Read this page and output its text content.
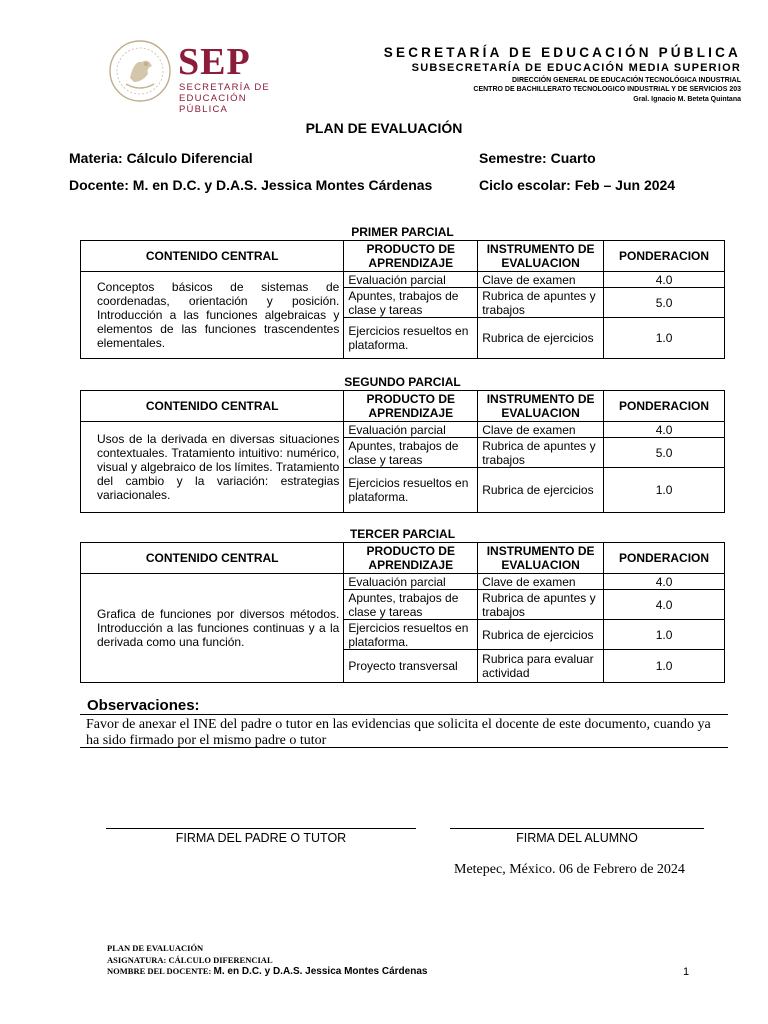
SEP
SECRETARÍA DE
EDUCACIÓN PÚBLICA
SECRETARÍA DE EDUCACIÓN PÚBLICA
SUBSECRETARÍA DE EDUCACIÓN MEDIA SUPERIOR
DIRECCIÓN GENERAL DE EDUCACIÓN TECNOLÓGICA INDUSTRIAL
CENTRO DE BACHILLERATO TECNOLOGICO INDUSTRIAL Y DE SERVICIOS 203
Gral. Ignacio M. Beteta Quintana
PLAN DE EVALUACIÓN
Materia: Cálculo Diferencial	Semestre: Cuarto
Docente: M. en D.C. y D.A.S. Jessica Montes Cárdenas	Ciclo escolar: Feb – Jun 2024
PRIMER PARCIAL
CONTENIDO CENTRAL	PRODUCTO DE APRENDIZAJE	INSTRUMENTO DE EVALUACION	PONDERACION
Conceptos básicos de sistemas de coordenadas, orientación y posición. Introducción a las funciones algebraicas y elementos de las funciones trascendentes elementales.	Evaluación parcial	Clave de examen	4.0
	Apuntes, trabajos de clase y tareas	Rubrica de apuntes y trabajos	5.0
	Ejercicios resueltos en plataforma.	Rubrica de ejercicios	1.0
SEGUNDO PARCIAL
CONTENIDO CENTRAL	PRODUCTO DE APRENDIZAJE	INSTRUMENTO DE EVALUACION	PONDERACION
Usos de la derivada en diversas situaciones contextuales. Tratamiento intuitivo: numérico, visual y algebraico de los límites. Tratamiento del cambio y la variación: estrategias variacionales.	Evaluación parcial	Clave de examen	4.0
	Apuntes, trabajos de clase y tareas	Rubrica de apuntes y trabajos	5.0
	Ejercicios resueltos en plataforma.	Rubrica de ejercicios	1.0
TERCER PARCIAL
CONTENIDO CENTRAL	PRODUCTO DE APRENDIZAJE	INSTRUMENTO DE EVALUACION	PONDERACION
Grafica de funciones por diversos métodos. Introducción a las funciones continuas y a la derivada como una función.	Evaluación parcial	Clave de examen	4.0
	Apuntes, trabajos de clase y tareas	Rubrica de apuntes y trabajos	4.0
	Ejercicios resueltos en plataforma.	Rubrica de ejercicios	1.0
	Proyecto transversal	Rubrica para evaluar actividad	1.0
Observaciones:
Favor de anexar el INE del padre o tutor en las evidencias que solicita el docente de este documento, cuando ya ha sido firmado por el mismo padre o tutor
FIRMA DEL PADRE O TUTOR	FIRMA DEL ALUMNO
Metepec, México. 06 de Febrero de 2024
PLAN DE EVALUACIÓN
ASIGNATURA: CÁLCULO DIFERENCIAL
NOMBRE DEL DOCENTE: M. en D.C. y D.A.S. Jessica Montes Cárdenas	1
